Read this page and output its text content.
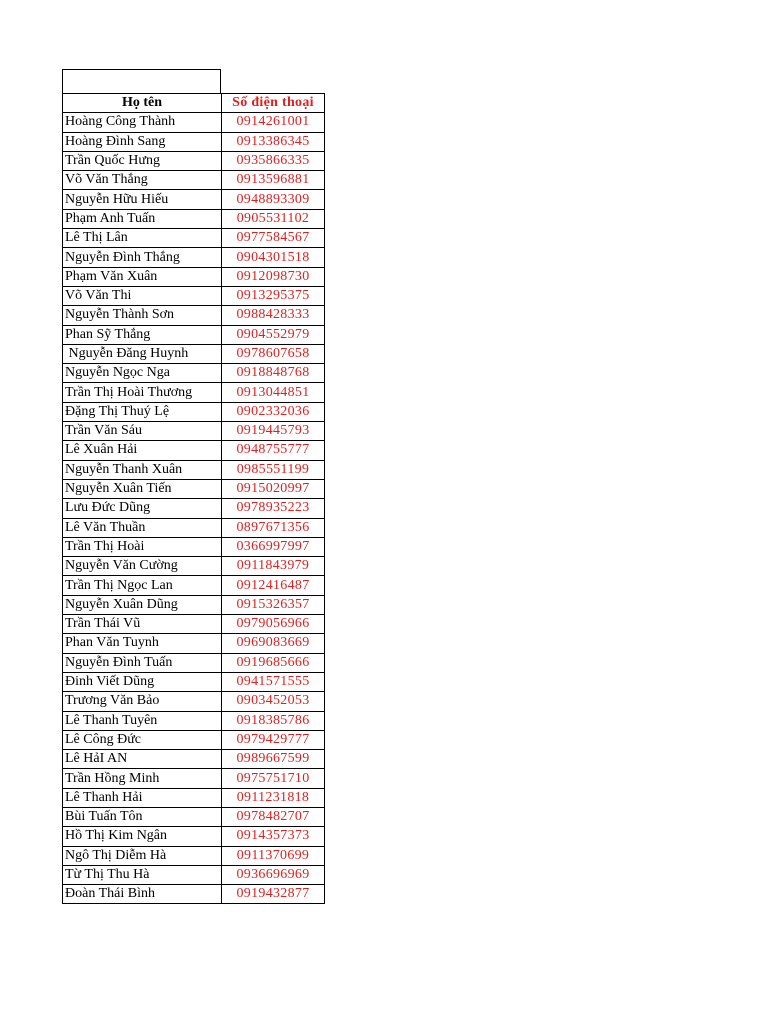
Họ tên	Số điện thoại
Hoàng Công Thành	0914261001
Hoàng Đình Sang	0913386345
Trần Quốc Hưng	0935866335
Võ Văn Thắng	0913596881
Nguyễn Hữu Hiếu	0948893309
Phạm Anh Tuấn	0905531102
Lê Thị Lân	0977584567
Nguyễn Đình Thắng	0904301518
Phạm Văn Xuân	0912098730
Võ Văn Thi	0913295375
Nguyễn Thành Sơn	0988428333
Phan Sỹ Thắng	0904552979
Nguyễn Đăng Huynh	0978607658
Nguyễn Ngọc Nga	0918848768
Trần Thị Hoài Thương	0913044851
Đặng Thị Thuý Lệ	0902332036
Trần Văn Sáu	0919445793
Lê Xuân Hải	0948755777
Nguyễn Thanh Xuân	0985551199
Nguyễn Xuân Tiến	0915020997
Lưu Đức Dũng	0978935223
Lê Văn Thuần	0897671356
Trần Thị Hoài	0366997997
Nguyễn Văn Cường	0911843979
Trần Thị Ngọc Lan	0912416487
Nguyễn Xuân Dũng	0915326357
Trần Thái Vũ	0979056966
Phan Văn Tuynh	0969083669
Nguyễn Đình Tuấn	0919685666
Đinh Viết Dũng	0941571555
Trương Văn Bảo	0903452053
Lê Thanh Tuyên	0918385786
Lê Công Đức	0979429777
Lê HảI AN	0989667599
Trần Hồng Minh	0975751710
Lê Thanh Hải	0911231818
Bùi Tuấn Tôn	0978482707
Hồ Thị Kim Ngân	0914357373
Ngô Thị Diễm Hà	0911370699
Từ Thị Thu Hà	0936696969
Đoàn Thái Bình	0919432877
